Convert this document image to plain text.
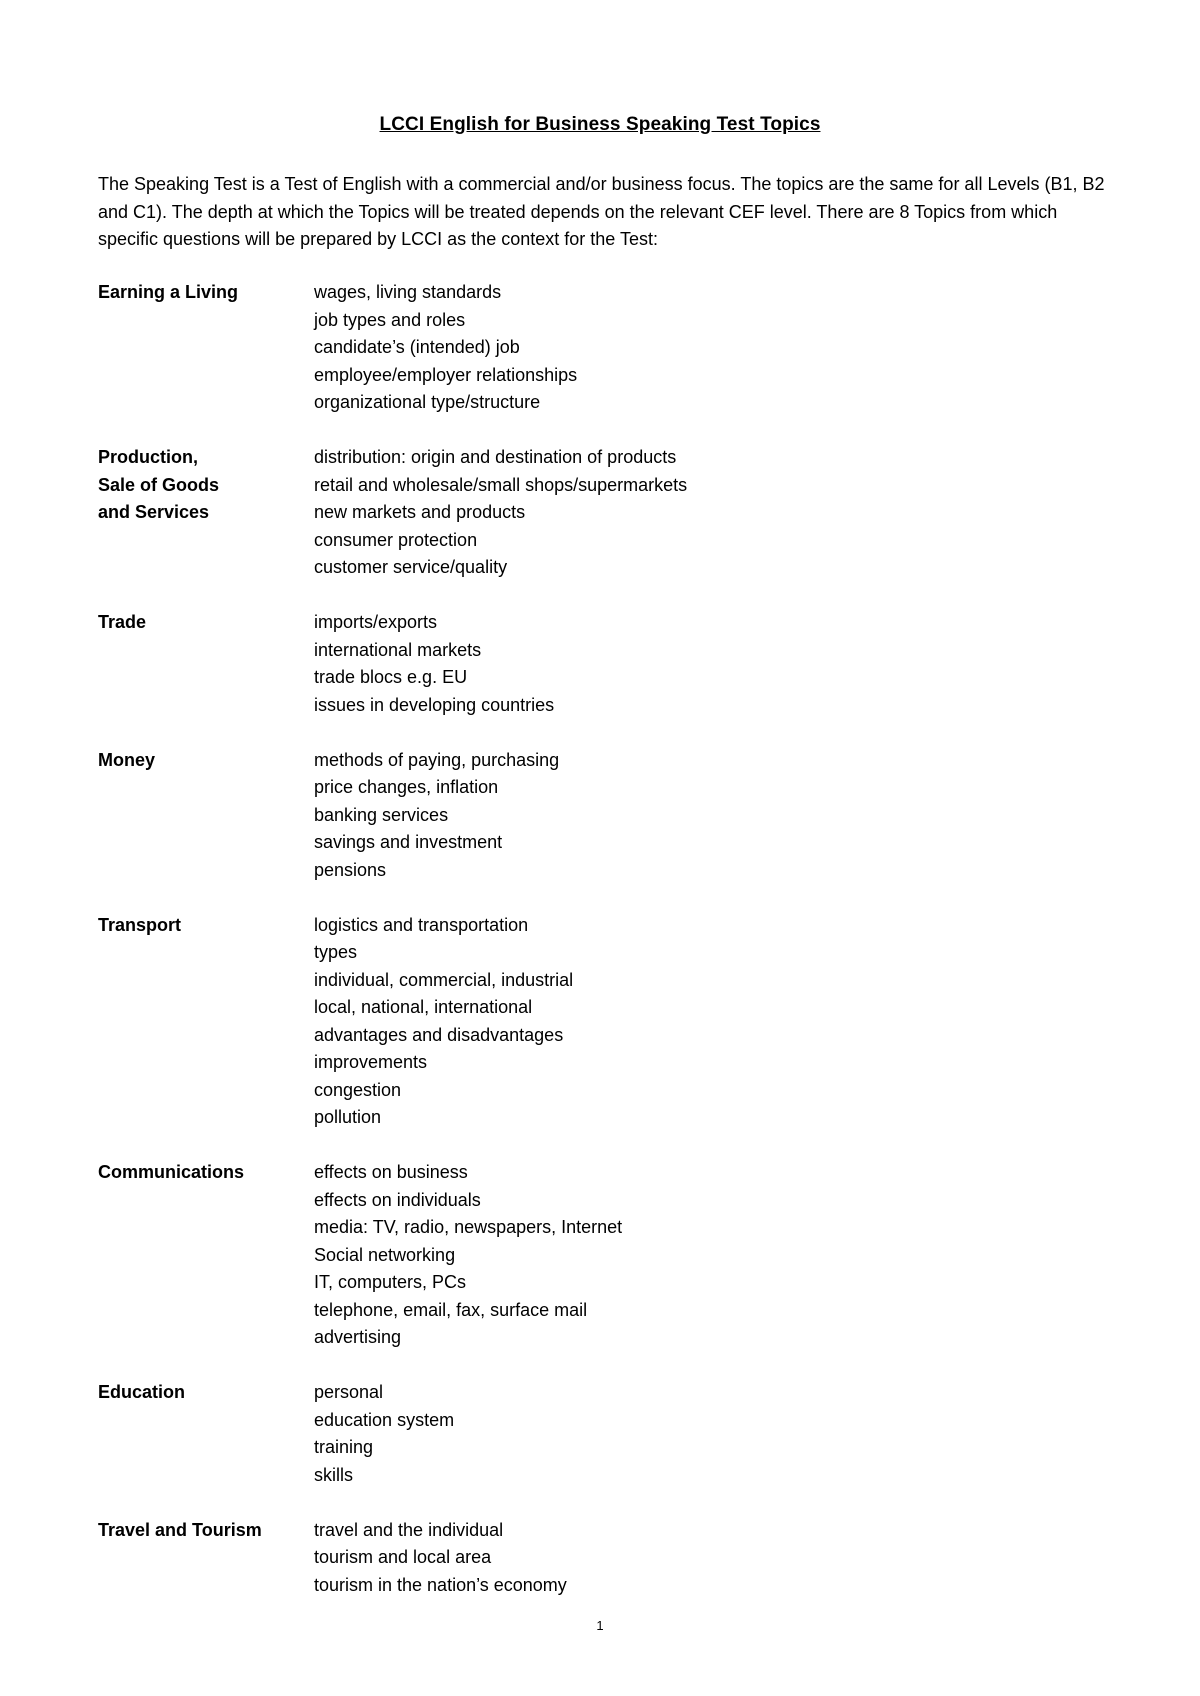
LCCI English for Business Speaking Test Topics
The Speaking Test is a Test of English with a commercial and/or business focus. The topics are the same for all Levels (B1, B2 and C1). The depth at which the Topics will be treated depends on the relevant CEF level. There are 8 Topics from which specific questions will be prepared by LCCI as the context for the Test:
Earning a Living	wages, living standards
job types and roles
candidate’s (intended) job
employee/employer relationships
organizational type/structure
Production,
Sale of Goods
and Services
distribution: origin and destination of products
retail and wholesale/small shops/supermarkets
new markets and products
consumer protection
customer service/quality
Trade	imports/exports
international markets
trade blocs e.g. EU
issues in developing countries
Money	methods of paying, purchasing
price changes, inflation
banking services
savings and investment
pensions
Transport	logistics and transportation
types
individual, commercial, industrial
local, national, international
advantages and disadvantages
improvements
congestion
pollution
Communications	effects on business
effects on individuals
media: TV, radio, newspapers, Internet
Social networking
IT, computers, PCs
telephone, email, fax, surface mail
advertising
Education	personal
education system
training
skills
Travel and Tourism	travel and the individual
tourism and local area
tourism in the nation’s economy
1
